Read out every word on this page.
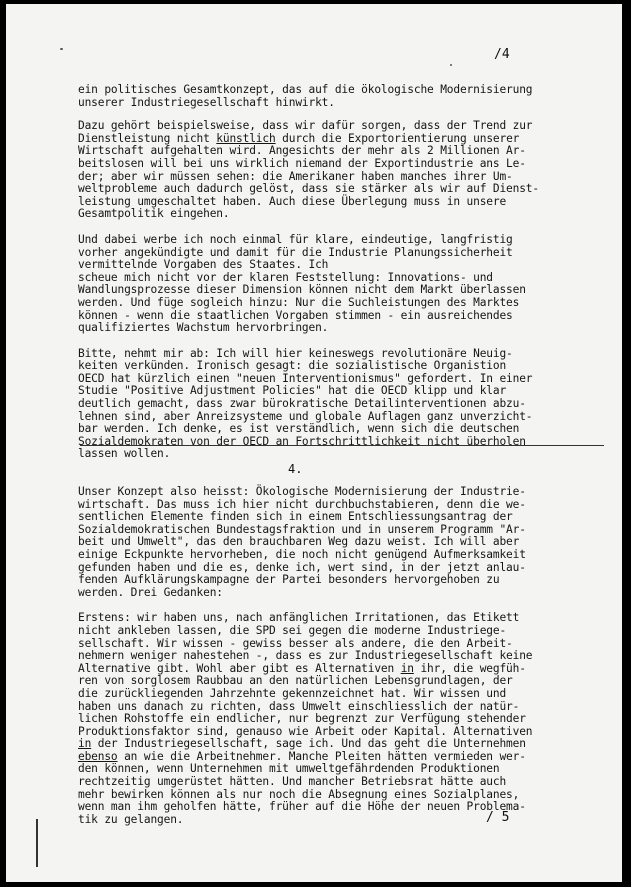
/4

ein politisches Gesamtkonzept, das auf die ökologische Modernisierung
unserer Industriegesellschaft hinwirkt.

Dazu gehört beispielsweise, dass wir dafür sorgen, dass der Trend zur
Dienstleistung nicht künstlich durch die Exportorientierung unserer
Wirtschaft aufgehalten wird. Angesichts der mehr als 2 Millionen Ar-
beitslosen will bei uns wirklich niemand der Exportindustrie ans Le-
der; aber wir müssen sehen: die Amerikaner haben manches ihrer Um-
weltprobleme auch dadurch gelöst, dass sie stärker als wir auf Dienst-
leistung umgeschaltet haben. Auch diese Überlegung muss in unsere
Gesamtpolitik eingehen.

Und dabei werbe ich noch einmal für klare, eindeutige, langfristig
vorher angekündigte und damit für die Industrie Planungssicherheit
vermittelnde Vorgaben des Staates. Ich
scheue mich nicht vor der klaren Feststellung: Innovations- und
Wandlungsprozesse dieser Dimension können nicht dem Markt überlassen
werden. Und füge sogleich hinzu: Nur die Suchleistungen des Marktes
können - wenn die staatlichen Vorgaben stimmen - ein ausreichendes
qualifiziertes Wachstum hervorbringen.

Bitte, nehmt mir ab: Ich will hier keineswegs revolutionäre Neuig-
keiten verkünden. Ironisch gesagt: die sozialistische Organistion
OECD hat kürzlich einen "neuen Interventionismus" gefordert. In einer
Studie "Positive Adjustment Policies" hat die OECD klipp und klar
deutlich gemacht, dass zwar bürokratische Detailinterventionen abzu-
lehnen sind, aber Anreizsysteme und globale Auflagen ganz unverzicht-
bar werden. Ich denke, es ist verständlich, wenn sich die deutschen
Sozialdemokraten von der OECD an Fortschrittlichkeit nicht überholen
lassen wollen.

4.

Unser Konzept also heisst: Ökologische Modernisierung der Industrie-
wirtschaft. Das muss ich hier nicht durchbuchstabieren, denn die we-
sentlichen Elemente finden sich in einem Entschliessungsantrag der
Sozialdemokratischen Bundestagsfraktion und in unserem Programm "Ar-
beit und Umwelt", das den brauchbaren Weg dazu weist. Ich will aber
einige Eckpunkte hervorheben, die noch nicht genügend Aufmerksamkeit
gefunden haben und die es, denke ich, wert sind, in der jetzt anlau-
fenden Aufklärungskampagne der Partei besonders hervorgehoben zu
werden. Drei Gedanken:

Erstens: wir haben uns, nach anfänglichen Irritationen, das Etikett
nicht ankleben lassen, die SPD sei gegen die moderne Industriege-
sellschaft. Wir wissen - gewiss besser als andere, die den Arbeit-
nehmern weniger nahestehen -, dass es zur Industriegesellschaft keine
Alternative gibt. Wohl aber gibt es Alternativen in ihr, die wegfüh-
ren von sorglosem Raubbau an den natürlichen Lebensgrundlagen, der
die zurückliegenden Jahrzehnte gekennzeichnet hat. Wir wissen und
haben uns danach zu richten, dass Umwelt einschliesslich der natür-
lichen Rohstoffe ein endlicher, nur begrenzt zur Verfügung stehender
Produktionsfaktor sind, genauso wie Arbeit oder Kapital. Alternativen
in der Industriegesellschaft, sage ich. Und das geht die Unternehmen
ebenso an wie die Arbeitnehmer. Manche Pleiten hätten vermieden wer-
den können, wenn Unternehmen mit umweltgefährdenden Produktionen
rechtzeitig umgerüstet hätten. Und mancher Betriebsrat hätte auch
mehr bewirken können als nur noch die Absegnung eines Sozialplanes,
wenn man ihm geholfen hätte, früher auf die Höhe der neuen Problema-
tik zu gelangen.	/ 5
